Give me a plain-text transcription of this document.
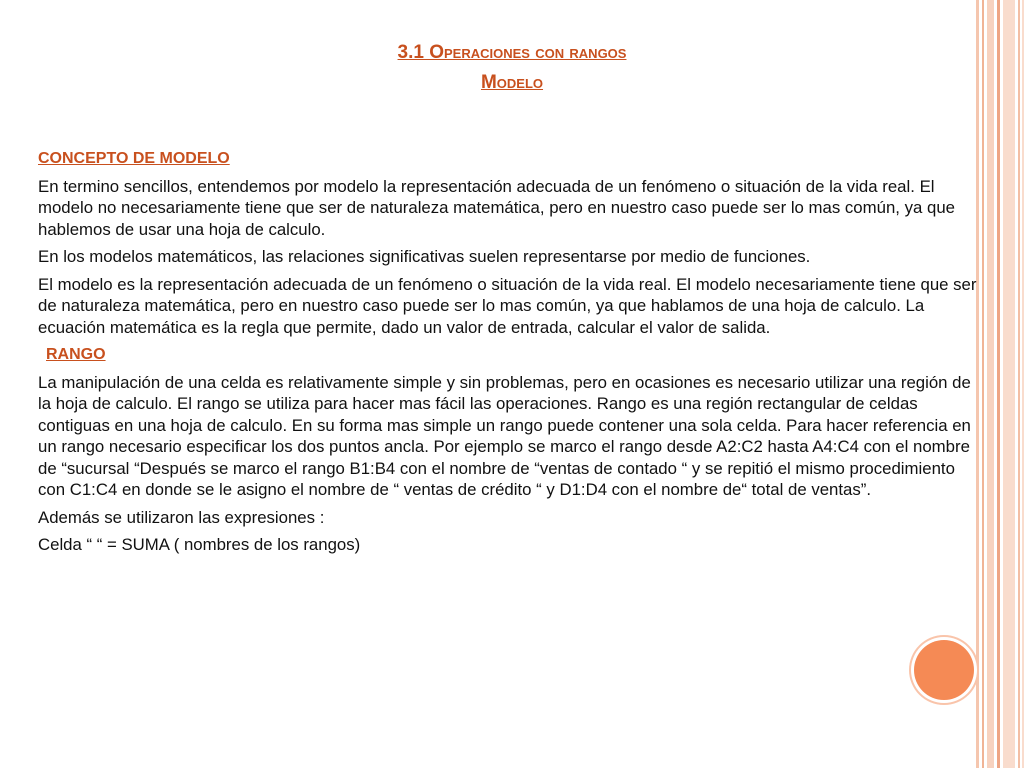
3.1 Operaciones con rangos
Modelo
CONCEPTO DE MODELO

En termino sencillos, entendemos por modelo la representación adecuada de un fenómeno o situación de la vida real. El modelo no necesariamente tiene que ser de naturaleza matemática, pero en nuestro caso puede ser lo mas común, ya que hablemos de usar una hoja de calculo.

En los modelos matemáticos, las relaciones significativas suelen representarse por medio de funciones.

El modelo es la representación adecuada de un fenómeno o situación de la vida real. El modelo necesariamente tiene que ser de naturaleza matemática, pero en nuestro caso puede ser lo mas común, ya que hablamos de una hoja de calculo. La ecuación matemática es la regla que permite, dado un valor de entrada, calcular el valor de salida.

RANGO

La manipulación de una celda es relativamente simple y sin problemas, pero en ocasiones es necesario utilizar una región de la hoja de calculo. El rango se utiliza para hacer mas fácil las operaciones. Rango es una región rectangular de celdas contiguas en una hoja de calculo. En su forma mas simple un rango puede contener una sola celda. Para hacer referencia en un rango necesario especificar los dos puntos ancla. Por ejemplo se marco el rango desde A2:C2 hasta A4:C4 con el nombre de “sucursal “Después se marco el rango B1:B4 con el nombre de “ventas de contado “ y se repitió el mismo procedimiento con C1:C4 en donde se le asigno el nombre de “ ventas de crédito “ y D1:D4 con el nombre de“ total de ventas”.

Además se utilizaron las expresiones :

Celda “ “ = SUMA ( nombres de los rangos)
